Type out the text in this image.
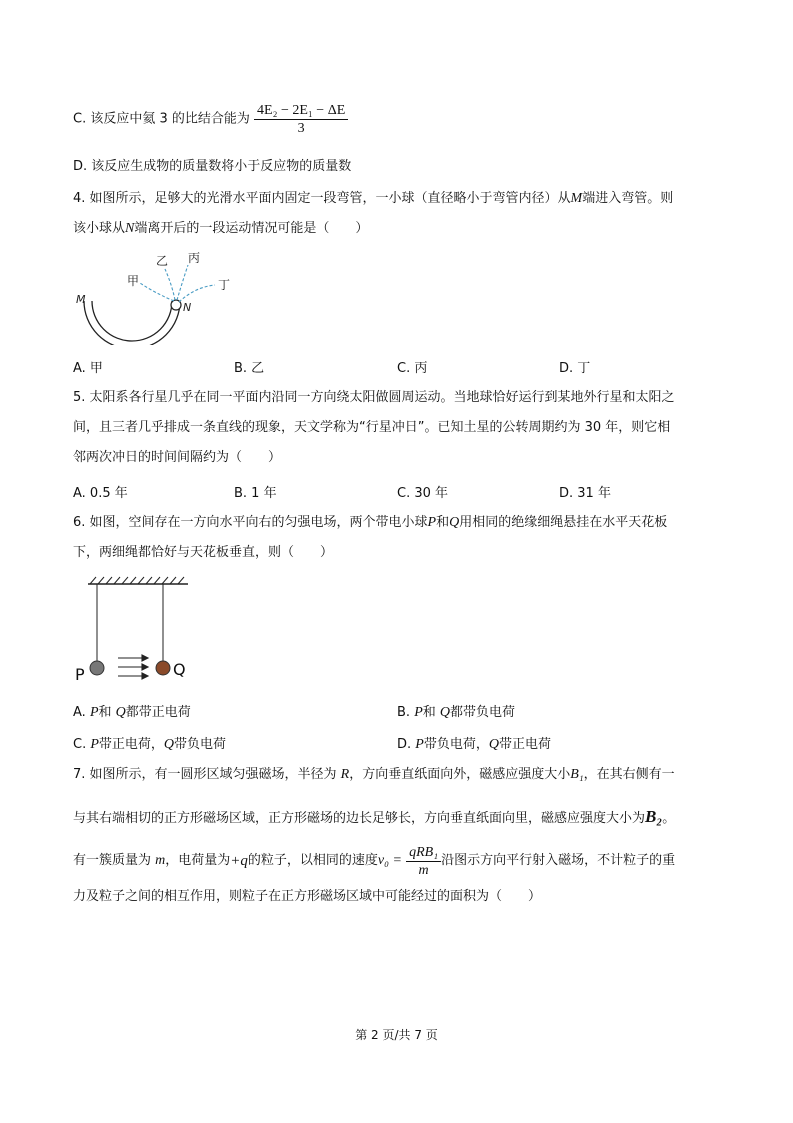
C. 该反应中氦 3 的比结合能为 $\frac{\text{4E₂ − 2E₁ − ΔE}}{3}$
D. 该反应生成物的质量数将小于反应物的质量数
4. 如图所示，足够大的光滑水平面内固定一段弯管，一小球（直径略小于弯管内径）从M端进入弯管。则
该小球从N端离开后的一段运动情况可能是（　　）
甲
乙 丙
丁
M
N
A. 甲	B. 乙	C. 丙	D. 丁
5. 太阳系各行星几乎在同一平面内沿同一方向绕太阳做圆周运动。当地球恰好运行到某地外行星和太阳之
间，且三者几乎排成一条直线的现象，天文学称为“行星冲日”。已知土星的公转周期约为 30 年，则它相
邻两次冲日的时间间隔约为（　　）
A. 0.5 年	B. 1 年	C. 30 年	D. 31 年
6. 如图，空间存在一方向水平向右的匀强电场，两个带电小球P和Q用相同的绝缘细绳悬挂在水平天花板
下，两细绳都恰好与天花板垂直，则（　　）
P	Q
A. P和 Q都带正电荷	B. P和 Q都带负电荷
C. P带正电荷，Q带负电荷	D. P带负电荷，Q带正电荷
7. 如图所示，有一圆形区域匀强磁场，半径为 R，方向垂直纸面向外，磁感应强度大小B₁，在其右侧有一
与其右端相切的正方形磁场区域，正方形磁场的边长足够长，方向垂直纸面向里，磁感应强度大小为B₂。
有一簇质量为 m，电荷量为+q的粒子，以相同的速度$v_0 = \frac{\text{qRB₁}}{m}$ 沿图示方向平行射入磁场，不计粒子的重
力及粒子之间的相互作用，则粒子在正方形磁场区域中可能经过的面积为（　　）
第 2 页/共 7 页
